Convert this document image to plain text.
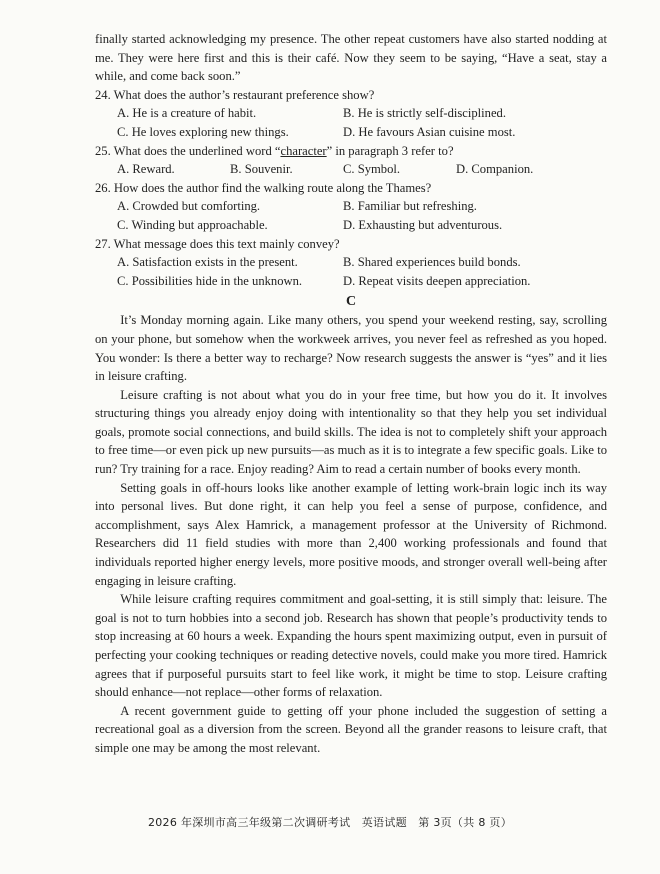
finally started acknowledging my presence. The other repeat customers have also started nodding at me. They were here first and this is their café. Now they seem to be saying, “Have a seat, stay a while, and come back soon.”

24. What does the author’s restaurant preference show?

A. He is a creature of habit.	B. He is strictly self-disciplined.
C. He loves exploring new things.	D. He favours Asian cuisine most.

25. What does the underlined word “character” in paragraph 3 refer to?

A. Reward.	B. Souvenir.	C. Symbol.	D. Companion.

26. How does the author find the walking route along the Thames?

A. Crowded but comforting.	B. Familiar but refreshing.
C. Winding but approachable.	D. Exhausting but adventurous.

27. What message does this text mainly convey?

A. Satisfaction exists in the present.	B. Shared experiences build bonds.
C. Possibilities hide in the unknown.	D. Repeat visits deepen appreciation.

C

It’s Monday morning again. Like many others, you spend your weekend resting, say, scrolling on your phone, but somehow when the workweek arrives, you never feel as refreshed as you hoped. You wonder: Is there a better way to recharge? Now research suggests the answer is “yes” and it lies in leisure crafting.

Leisure crafting is not about what you do in your free time, but how you do it. It involves structuring things you already enjoy doing with intentionality so that they help you set individual goals, promote social connections, and build skills. The idea is not to completely shift your approach to free time—or even pick up new pursuits—as much as it is to integrate a few specific goals. Like to run? Try training for a race. Enjoy reading? Aim to read a certain number of books every month.

Setting goals in off-hours looks like another example of letting work-brain logic inch its way into personal lives. But done right, it can help you feel a sense of purpose, confidence, and accomplishment, says Alex Hamrick, a management professor at the University of Richmond. Researchers did 11 field studies with more than 2,400 working professionals and found that individuals reported higher energy levels, more positive moods, and stronger overall well-being after engaging in leisure crafting.

While leisure crafting requires commitment and goal-setting, it is still simply that: leisure. The goal is not to turn hobbies into a second job. Research has shown that people’s productivity tends to stop increasing at 60 hours a week. Expanding the hours spent maximizing output, even in pursuit of perfecting your cooking techniques or reading detective novels, could make you more tired. Hamrick agrees that if purposeful pursuits start to feel like work, it might be time to stop. Leisure crafting should enhance—not replace—other forms of relaxation.

A recent government guide to getting off your phone included the suggestion of setting a recreational goal as a diversion from the screen. Beyond all the grander reasons to leisure craft, that simple one may be among the most relevant.

2026 年深圳市高三年级第二次调研考试　英语试题　第 3页（共 8 页）
